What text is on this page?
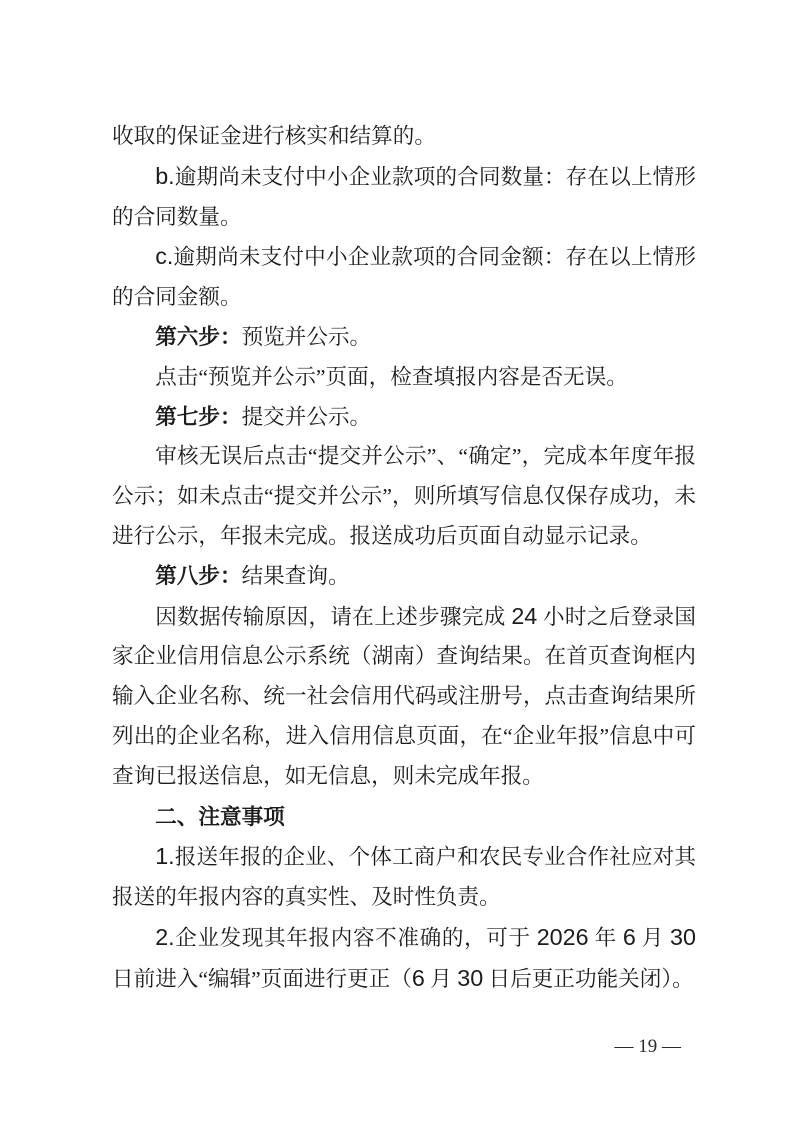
收取的保证金进行核实和结算的。

b.逾期尚未支付中小企业款项的合同数量：存在以上情形的合同数量。

c.逾期尚未支付中小企业款项的合同金额：存在以上情形的合同金额。

第六步：预览并公示。

点击“预览并公示”页面，检查填报内容是否无误。

第七步：提交并公示。

审核无误后点击“提交并公示”、“确定”，完成本年度年报公示；如未点击“提交并公示”，则所填写信息仅保存成功，未进行公示，年报未完成。报送成功后页面自动显示记录。

第八步：结果查询。

因数据传输原因，请在上述步骤完成 24 小时之后登录国家企业信用信息公示系统（湖南）查询结果。在首页查询框内输入企业名称、统一社会信用代码或注册号，点击查询结果所列出的企业名称，进入信用信息页面，在“企业年报”信息中可查询已报送信息，如无信息，则未完成年报。

二、注意事项

1.报送年报的企业、个体工商户和农民专业合作社应对其报送的年报内容的真实性、及时性负责。

2.企业发现其年报内容不准确的，可于 2026 年 6 月 30 日前进入“编辑”页面进行更正（6 月 30 日后更正功能关闭）。

— 19 —
